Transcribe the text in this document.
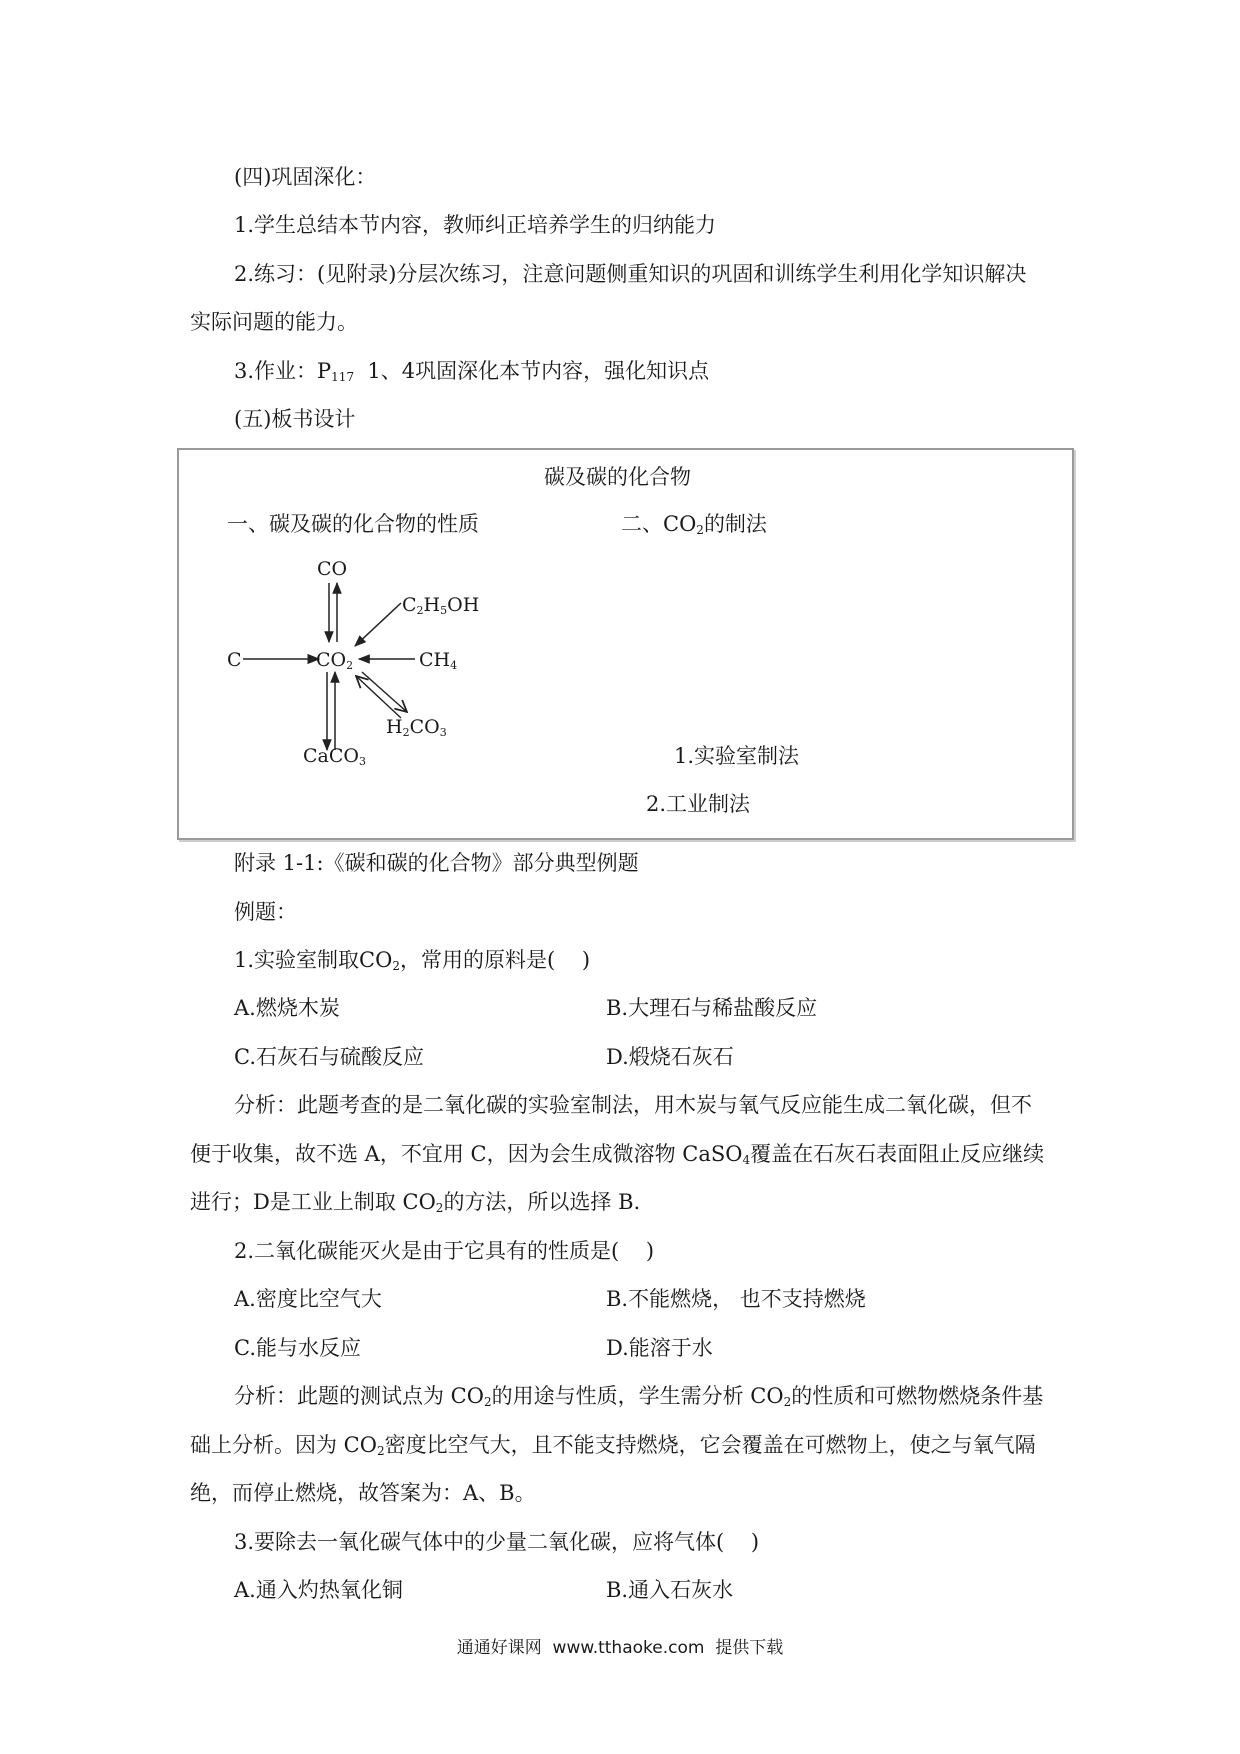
(四)巩固深化：
1.学生总结本节内容，教师纠正培养学生的归纳能力
2.练习：(见附录)分层次练习，注意问题侧重知识的巩固和训练学生利用化学知识解决
实际问题的能力。
3.作业：$P_{117}$  1、4巩固深化本节内容，强化知识点
(五)板书设计
碳及碳的化合物
一、碳及碳的化合物的性质	二、$CO_2$的制法
CO
C	$CO_2$
$C_2H_5OH$
$CH_4$
$H_2CO_3$
CaCO$_3$	1.实验室制法
2.工业制法
附录 1-1:《碳和碳的化合物》部分典型例题
例题：
1.实验室制取$CO_2$，常用的原料是(    )
A.燃烧木炭	B.大理石与稀盐酸反应
C.石灰石与硫酸反应	D.煅烧石灰石
分析：此题考查的是二氧化碳的实验室制法，用木炭与氧气反应能生成二氧化碳，但不
便于收集，故不选 A，不宜用 C，因为会生成微溶物 CaSO$_4$覆盖在石灰石表面阻止反应继续
进行；D是工业上制取 $CO_2$的方法，所以选择 B.
2.二氧化碳能灭火是由于它具有的性质是(    )
A.密度比空气大	B.不能燃烧， 也不支持燃烧
C.能与水反应	D.能溶于水
分析：此题的测试点为 $CO_2$的用途与性质，学生需分析 $CO_2$的性质和可燃物燃烧条件基
础上分析。因为 $CO_2$密度比空气大，且不能支持燃烧，它会覆盖在可燃物上，使之与氧气隔
绝，而停止燃烧，故答案为：A、B。
3.要除去一氧化碳气体中的少量二氧化碳，应将气体(    )
A.通入灼热氧化铜	B.通入石灰水
通通好课网  www.tthaoke.com  提供下载
